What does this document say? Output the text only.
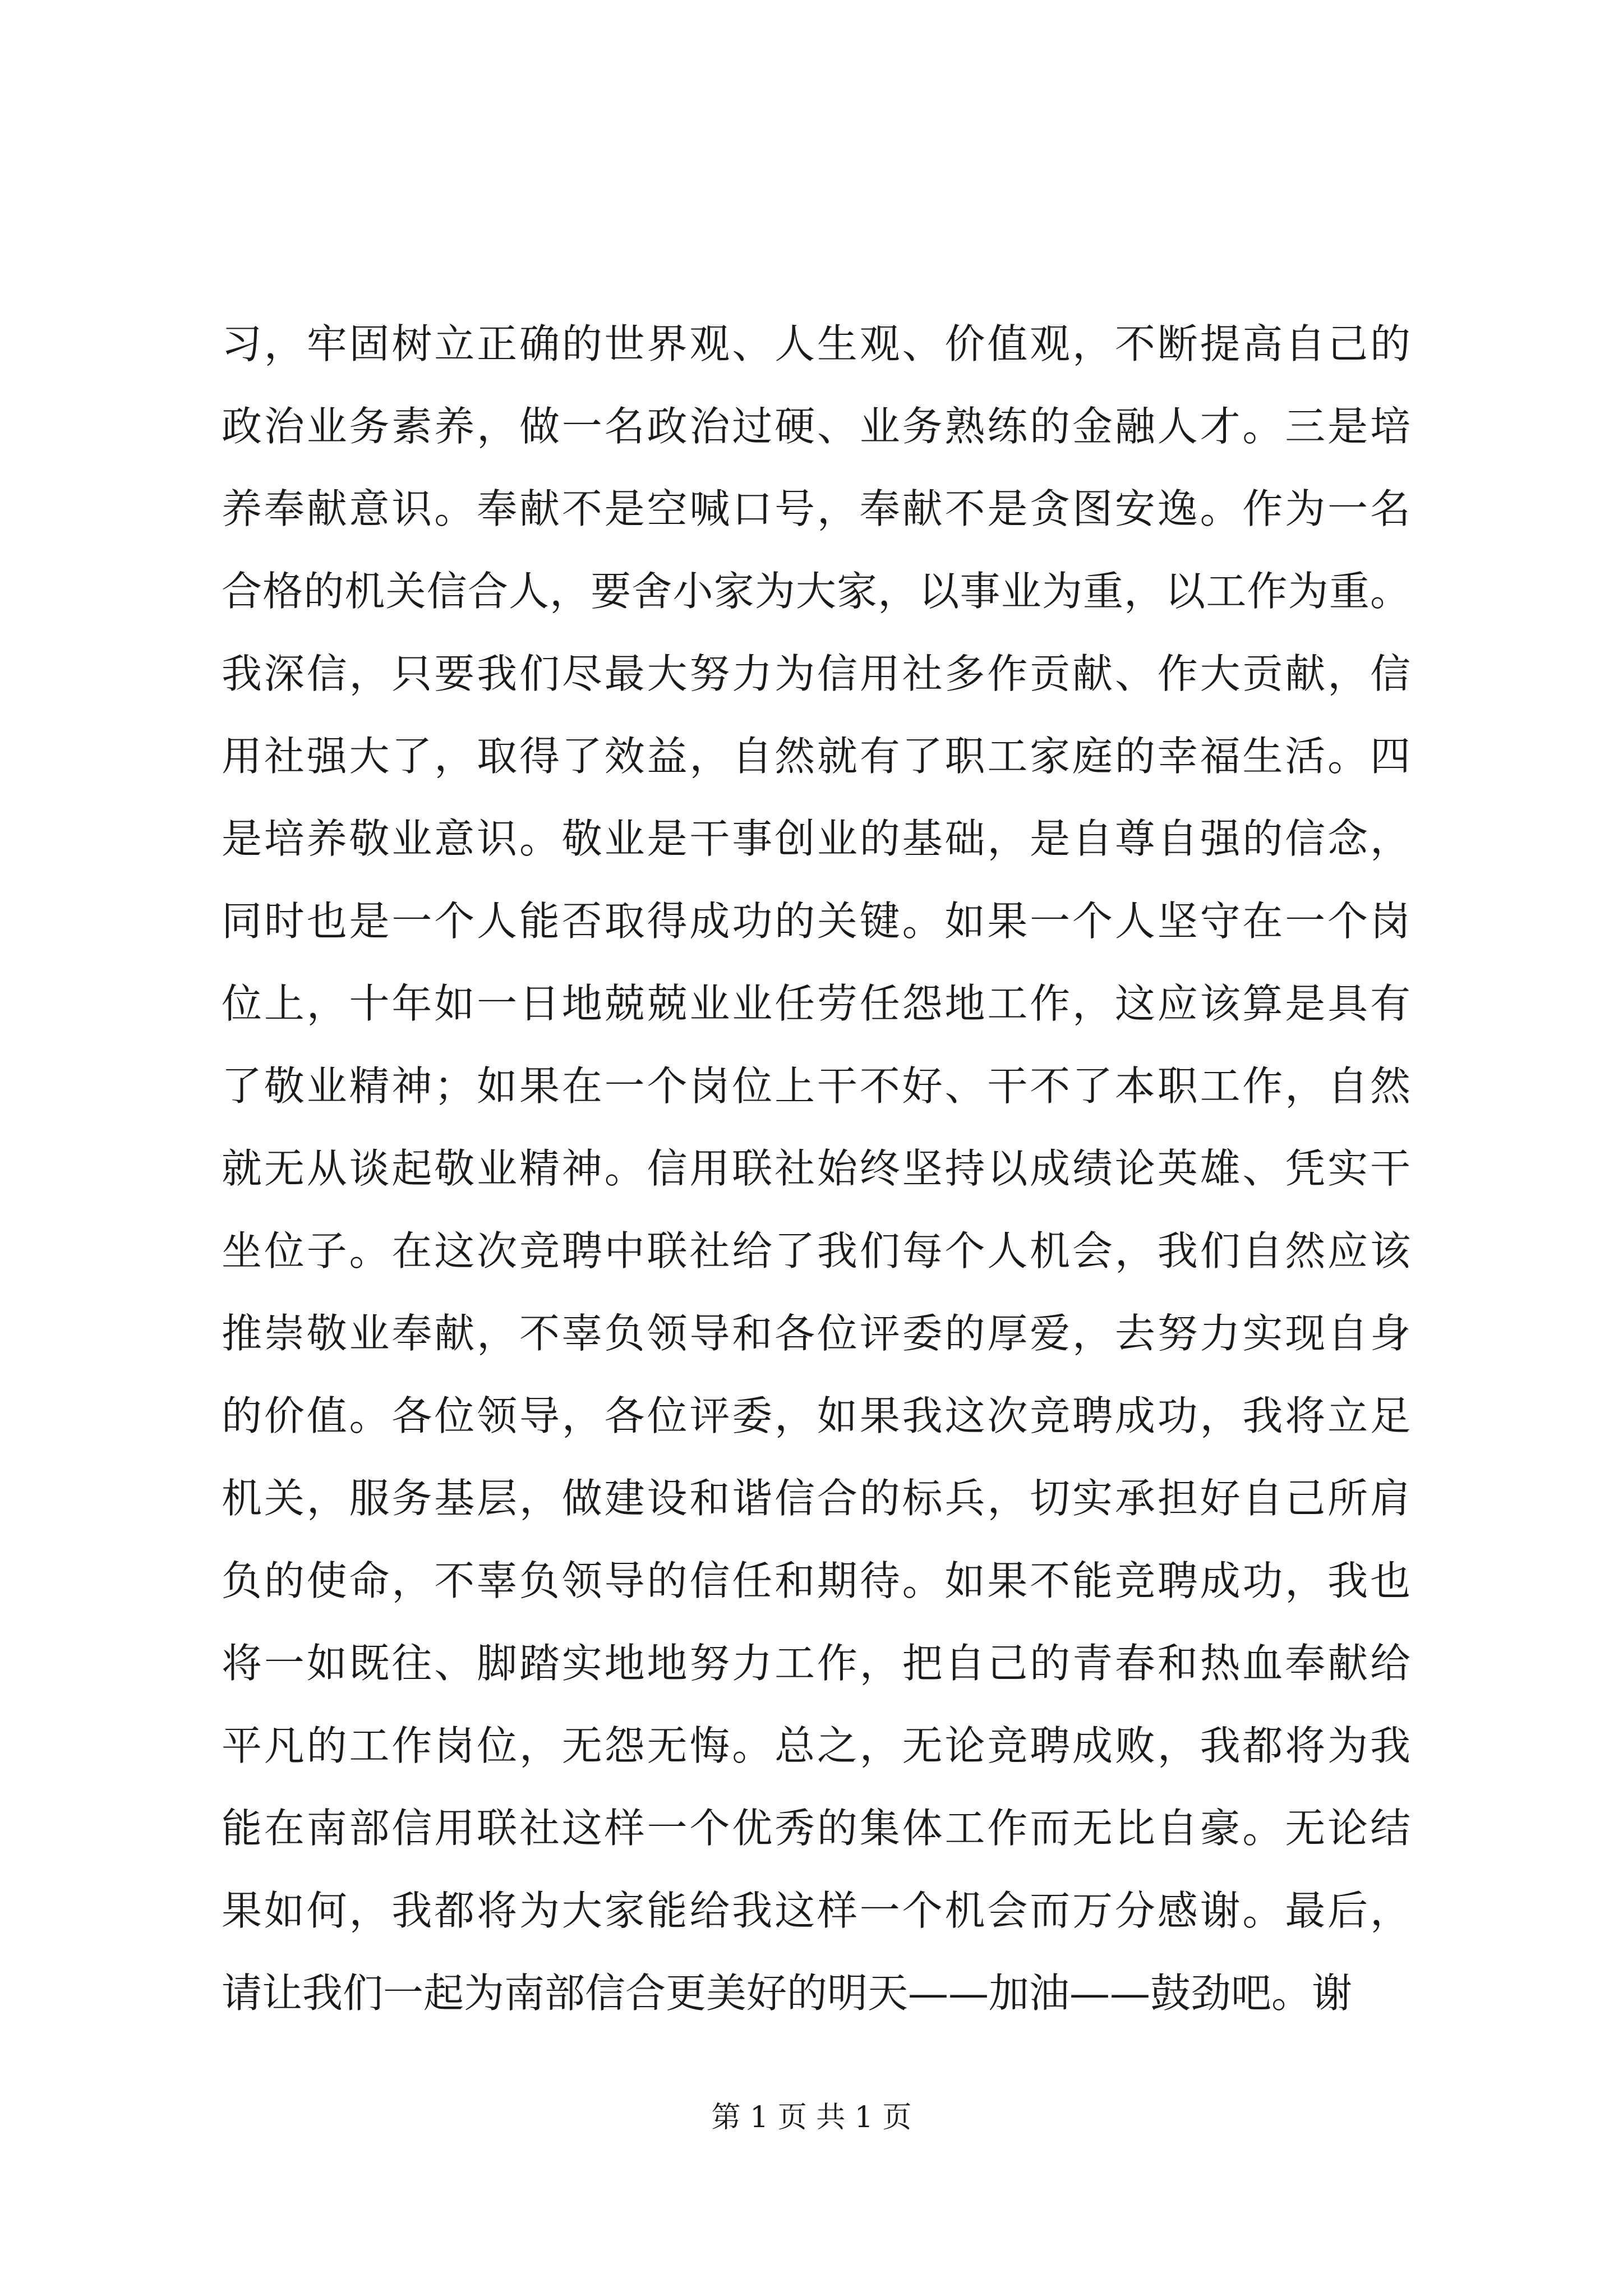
习，牢固树立正确的世界观、人生观、价值观，不断提高自己的
政治业务素养，做一名政治过硬、业务熟练的金融人才。三是培
养奉献意识。奉献不是空喊口号，奉献不是贪图安逸。作为一名
合格的机关信合人，要舍小家为大家，以事业为重，以工作为重。
我深信，只要我们尽最大努力为信用社多作贡献、作大贡献，信
用社强大了，取得了效益，自然就有了职工家庭的幸福生活。四
是培养敬业意识。敬业是干事创业的基础，是自尊自强的信念，
同时也是一个人能否取得成功的关键。如果一个人坚守在一个岗
位上，十年如一日地兢兢业业任劳任怨地工作，这应该算是具有
了敬业精神；如果在一个岗位上干不好、干不了本职工作，自然
就无从谈起敬业精神。信用联社始终坚持以成绩论英雄、凭实干
坐位子。在这次竞聘中联社给了我们每个人机会，我们自然应该
推崇敬业奉献，不辜负领导和各位评委的厚爱，去努力实现自身
的价值。各位领导，各位评委，如果我这次竞聘成功，我将立足
机关，服务基层，做建设和谐信合的标兵，切实承担好自己所肩
负的使命，不辜负领导的信任和期待。如果不能竞聘成功，我也
将一如既往、脚踏实地地努力工作，把自己的青春和热血奉献给
平凡的工作岗位，无怨无悔。总之，无论竞聘成败，我都将为我
能在南部信用联社这样一个优秀的集体工作而无比自豪。无论结
果如何，我都将为大家能给我这样一个机会而万分感谢。最后，
请让我们一起为南部信合更美好的明天——加油——鼓劲吧。谢
第 1 页 共 1 页
